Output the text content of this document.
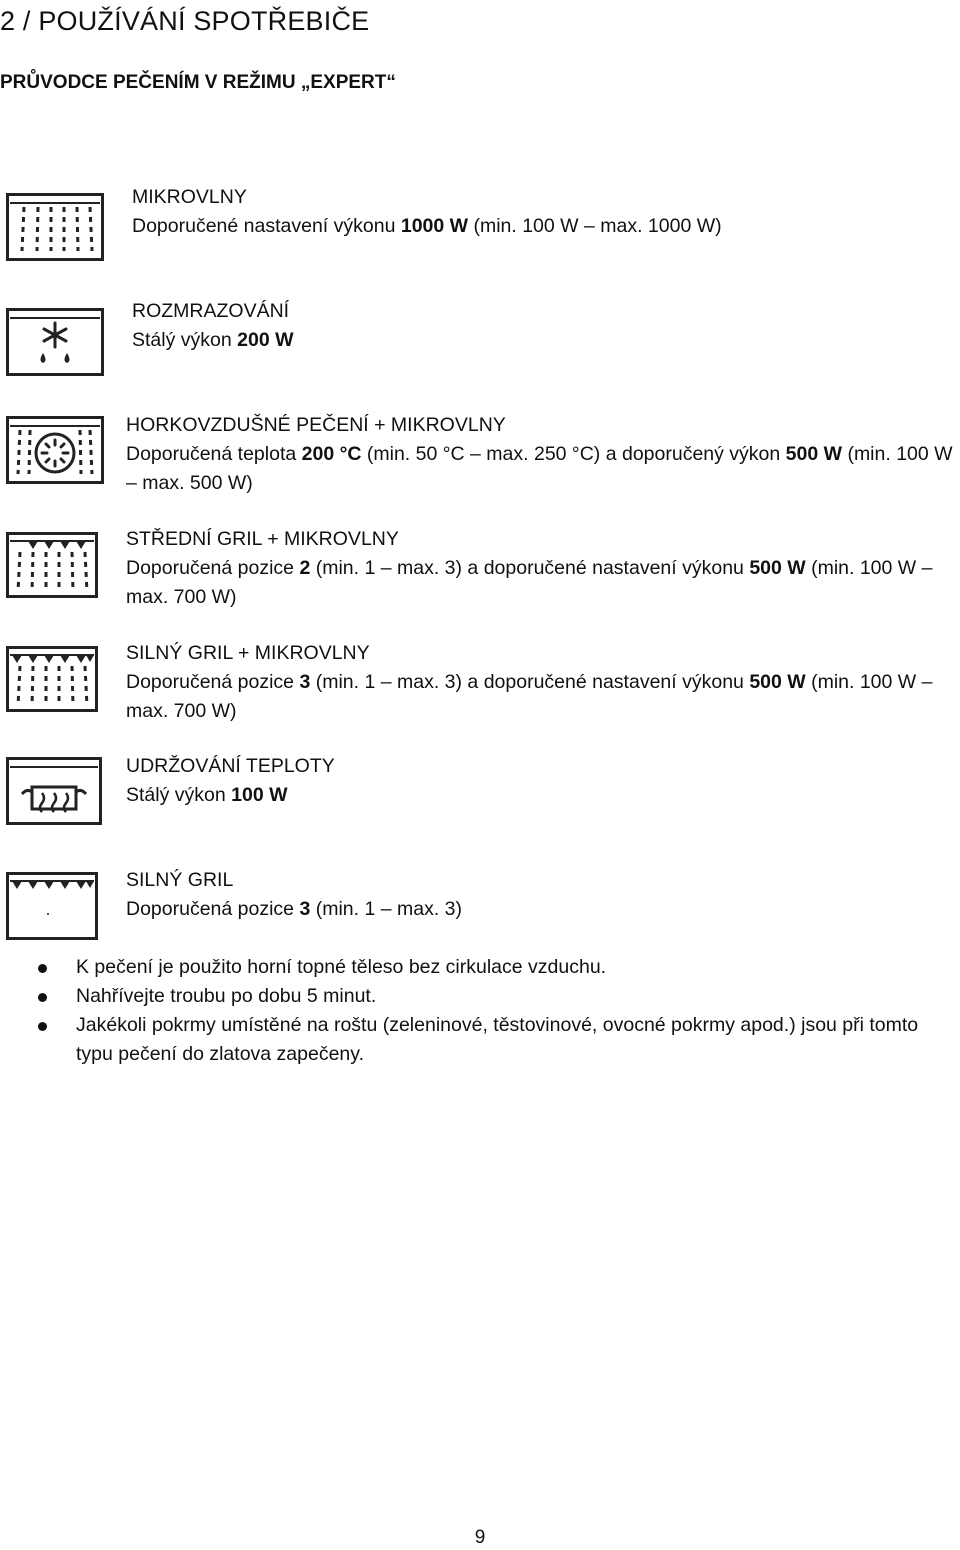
2 / POUŽÍVÁNÍ SPOTŘEBIČE
PRŮVODCE PEČENÍM V REŽIMU „EXPERT“
MIKROVLNY
Doporučené nastavení výkonu 1000 W (min. 100 W – max. 1000 W)
ROZMRAZOVÁNÍ
Stálý výkon 200 W
HORKOVZDUŠNÉ PEČENÍ + MIKROVLNY
Doporučená teplota 200 °C (min. 50 °C – max. 250 °C) a doporučený výkon 500 W (min. 100 W – max. 500 W)
STŘEDNÍ GRIL + MIKROVLNY
Doporučená pozice 2 (min. 1 – max. 3) a doporučené nastavení výkonu 500 W (min. 100 W – max. 700 W)
SILNÝ GRIL + MIKROVLNY
Doporučená pozice 3 (min. 1 – max. 3) a doporučené nastavení výkonu 500 W (min. 100 W – max. 700 W)
UDRŽOVÁNÍ TEPLOTY
Stálý výkon 100 W
SILNÝ GRIL
Doporučená pozice 3 (min. 1 – max. 3)
K pečení je použito horní topné těleso bez cirkulace vzduchu.
Nahřívejte troubu po dobu 5 minut.
Jakékoli pokrmy umístěné na roštu (zeleninové, těstovinové, ovocné pokrmy apod.) jsou při tomto typu pečení do zlatova zapečeny.
9
